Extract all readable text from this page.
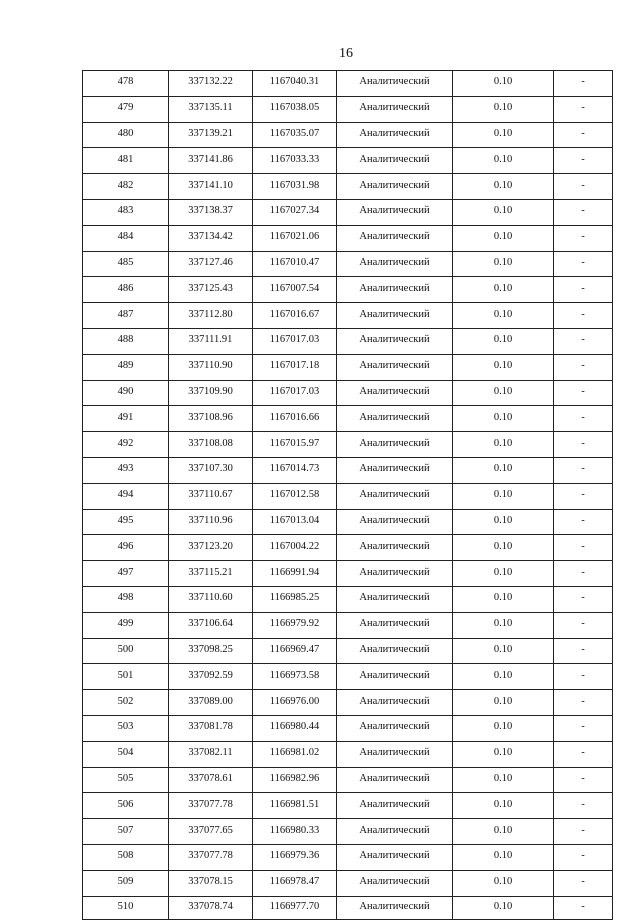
16
478	337132.22	1167040.31	Аналитический	0.10	-
479	337135.11	1167038.05	Аналитический	0.10	-
480	337139.21	1167035.07	Аналитический	0.10	-
481	337141.86	1167033.33	Аналитический	0.10	-
482	337141.10	1167031.98	Аналитический	0.10	-
483	337138.37	1167027.34	Аналитический	0.10	-
484	337134.42	1167021.06	Аналитический	0.10	-
485	337127.46	1167010.47	Аналитический	0.10	-
486	337125.43	1167007.54	Аналитический	0.10	-
487	337112.80	1167016.67	Аналитический	0.10	-
488	337111.91	1167017.03	Аналитический	0.10	-
489	337110.90	1167017.18	Аналитический	0.10	-
490	337109.90	1167017.03	Аналитический	0.10	-
491	337108.96	1167016.66	Аналитический	0.10	-
492	337108.08	1167015.97	Аналитический	0.10	-
493	337107.30	1167014.73	Аналитический	0.10	-
494	337110.67	1167012.58	Аналитический	0.10	-
495	337110.96	1167013.04	Аналитический	0.10	-
496	337123.20	1167004.22	Аналитический	0.10	-
497	337115.21	1166991.94	Аналитический	0.10	-
498	337110.60	1166985.25	Аналитический	0.10	-
499	337106.64	1166979.92	Аналитический	0.10	-
500	337098.25	1166969.47	Аналитический	0.10	-
501	337092.59	1166973.58	Аналитический	0.10	-
502	337089.00	1166976.00	Аналитический	0.10	-
503	337081.78	1166980.44	Аналитический	0.10	-
504	337082.11	1166981.02	Аналитический	0.10	-
505	337078.61	1166982.96	Аналитический	0.10	-
506	337077.78	1166981.51	Аналитический	0.10	-
507	337077.65	1166980.33	Аналитический	0.10	-
508	337077.78	1166979.36	Аналитический	0.10	-
509	337078.15	1166978.47	Аналитический	0.10	-
510	337078.74	1166977.70	Аналитический	0.10	-
